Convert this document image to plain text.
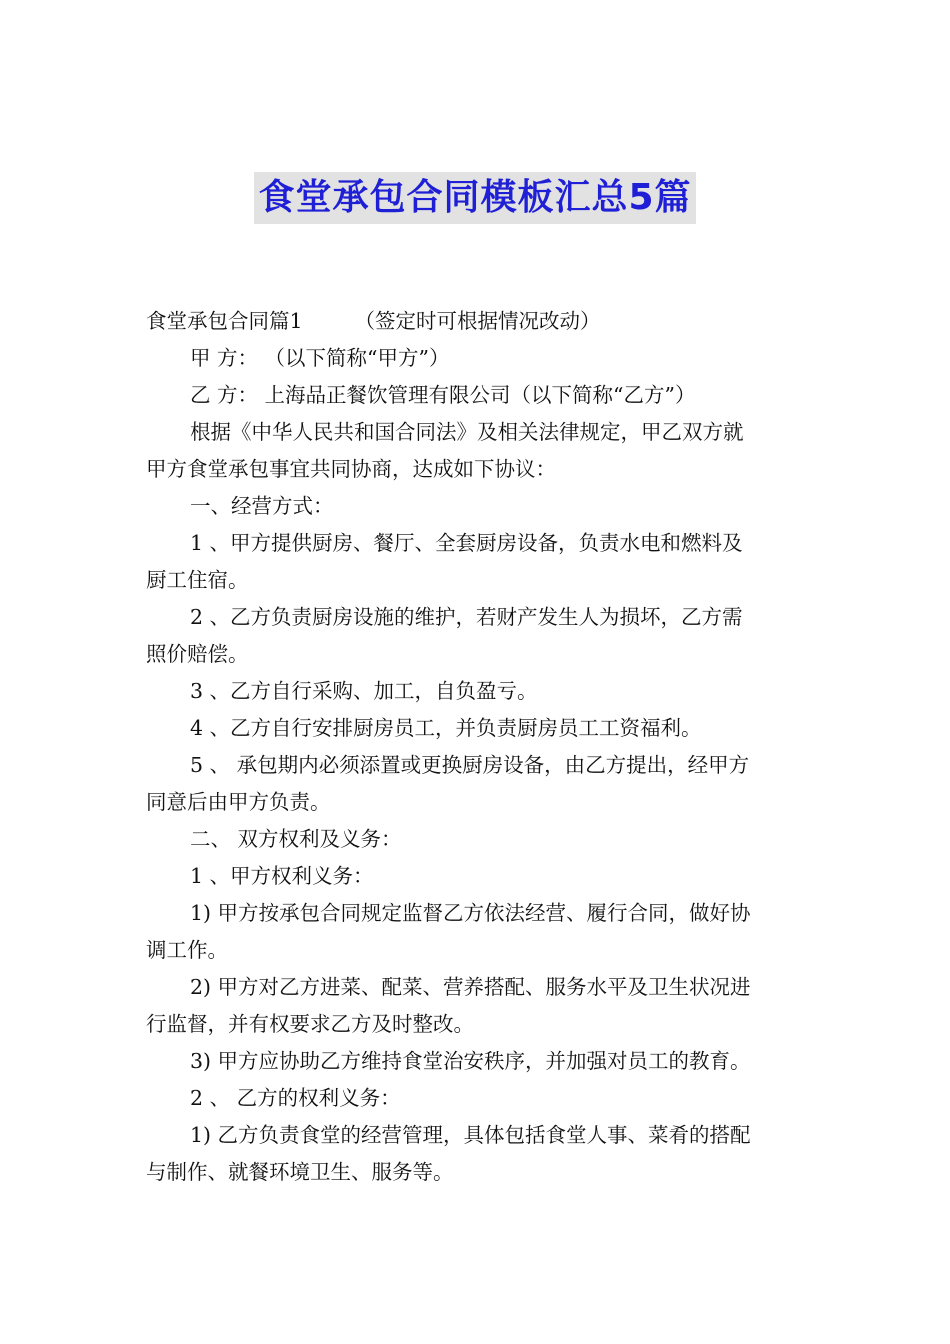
食堂承包合同模板汇总5篇
食堂承包合同篇1	（签定时可根据情况改动）
甲 方： （以下简称“甲方”）
乙 方： 上海品正餐饮管理有限公司（以下简称“乙方”）
根据《中华人民共和国合同法》及相关法律规定，甲乙双方就
甲方食堂承包事宜共同协商，达成如下协议：
一、经营方式：
1 、甲方提供厨房、餐厅、全套厨房设备，负责水电和燃料及
厨工住宿。
2 、乙方负责厨房设施的维护，若财产发生人为损坏，乙方需
照价赔偿。
3 、乙方自行采购、加工，自负盈亏。
4 、乙方自行安排厨房员工，并负责厨房员工工资福利。
5 、 承包期内必须添置或更换厨房设备，由乙方提出，经甲方
同意后由甲方负责。
二、 双方权利及义务：
1 、甲方权利义务：
1) 甲方按承包合同规定监督乙方依法经营、履行合同，做好协
调工作。
2) 甲方对乙方进菜、配菜、营养搭配、服务水平及卫生状况进
行监督，并有权要求乙方及时整改。
3) 甲方应协助乙方维持食堂治安秩序，并加强对员工的教育。
2 、 乙方的权利义务：
1) 乙方负责食堂的经营管理，具体包括食堂人事、菜肴的搭配
与制作、就餐环境卫生、服务等。
